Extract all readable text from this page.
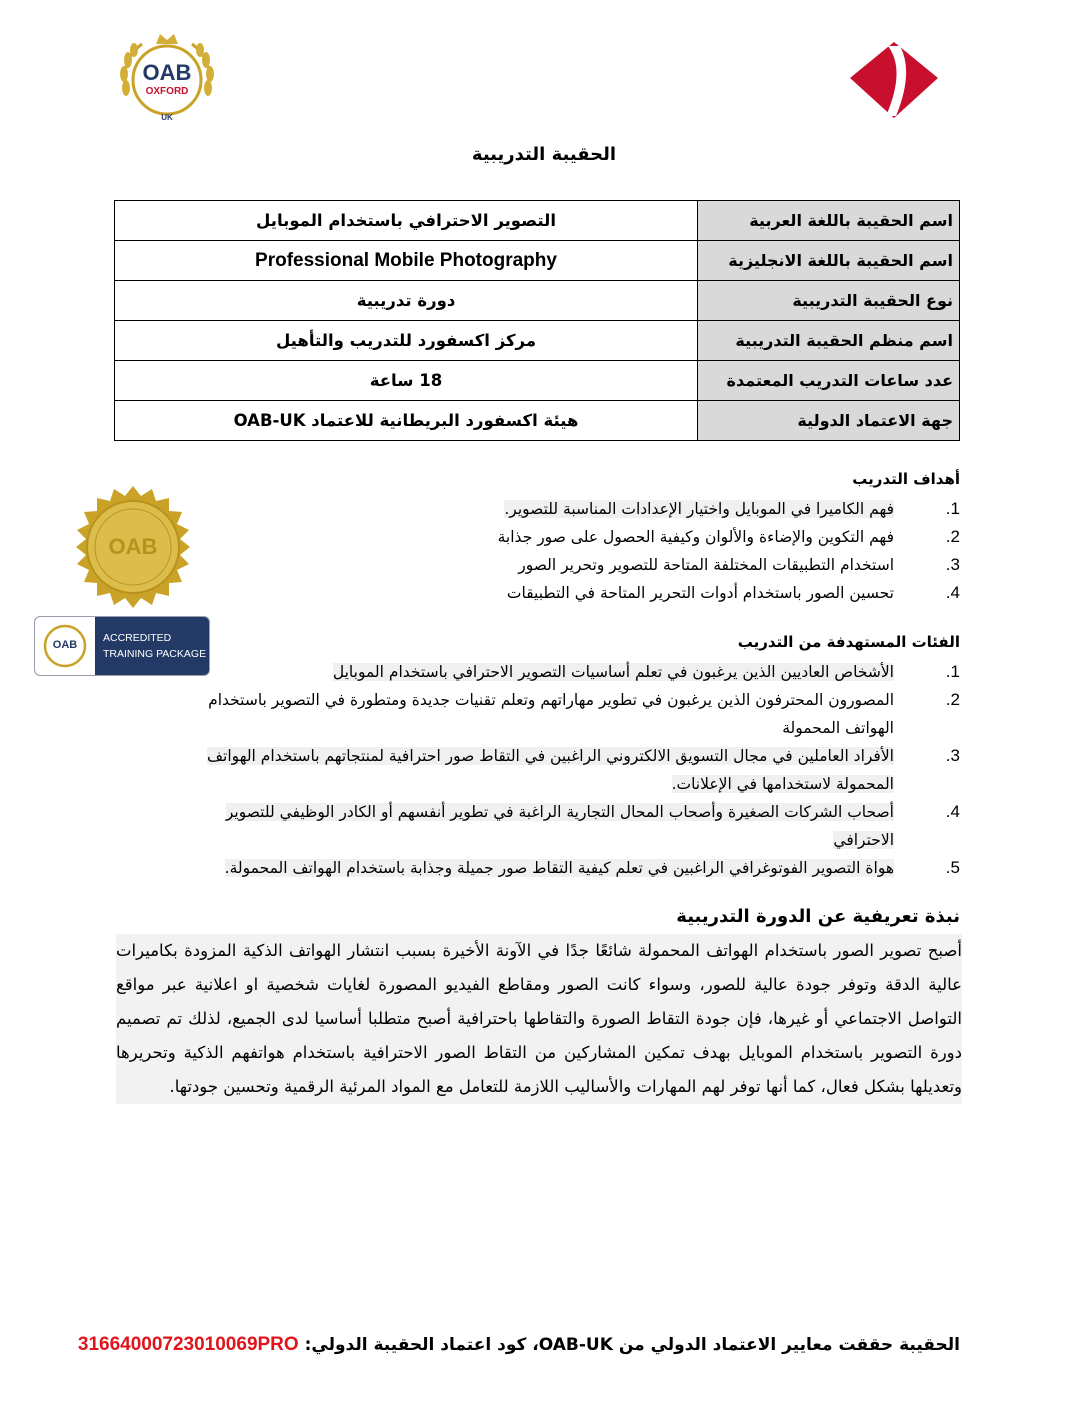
OAB
OXFORD
UK
الحقيبة التدريبية
اسم الحقيبة باللغة العربية	التصوير الاحترافي باستخدام الموبايل
اسم الحقيبة باللغة الانجليزية	Professional Mobile Photography
نوع الحقيبة التدريبية	دورة تدريبية
اسم منظم الحقيبة التدريبية	مركز اكسفورد للتدريب والتأهيل
عدد ساعات التدريب المعتمدة	18 ساعة
جهة الاعتماد الدولية	هيئة اكسفورد البريطانية للاعتماد OAB-UK
OAB
OAB
ACCREDITED
TRAINING PACKAGE
أهداف التدريب
1.
فهم الكاميرا في الموبايل واختيار الإعدادات المناسبة للتصوير.
2.
فهم التكوين والإضاءة والألوان وكيفية الحصول على صور جذابة
3.
استخدام التطبيقات المختلفة المتاحة للتصوير وتحرير الصور
4.
تحسين الصور باستخدام أدوات التحرير المتاحة في التطبيقات
الفئات المستهدفة من التدريب
1.
الأشخاص العاديين الذين يرغبون في تعلم أساسيات التصوير الاحترافي باستخدام الموبايل
2.
المصورون المحترفون الذين يرغبون في تطوير مهاراتهم وتعلم تقنيات جديدة ومتطورة في التصوير باستخدام الهواتف المحمولة
3.
الأفراد العاملين في مجال التسويق الالكتروني الراغبين في التقاط صور احترافية لمنتجاتهم باستخدام الهواتف المحمولة لاستخدامها في الإعلانات.
4.
أصحاب الشركات الصغيرة وأصحاب المحال التجارية الراغبة في تطوير أنفسهم أو الكادر الوظيفي للتصوير الاحترافي
5.
هواة التصوير الفوتوغرافي الراغبين في تعلم كيفية التقاط صور جميلة وجذابة باستخدام الهواتف المحمولة.
نبذة تعريفية عن الدورة التدريبية
أصبح تصوير الصور باستخدام الهواتف المحمولة شائعًا جدًا في الآونة الأخيرة بسبب انتشار الهواتف الذكية المزودة بكاميرات عالية الدقة وتوفر جودة عالية للصور، وسواء كانت الصور ومقاطع الفيديو المصورة لغايات شخصية او اعلانية عبر مواقع التواصل الاجتماعي أو غيرها، فإن جودة التقاط الصورة والتقاطها باحترافية أصبح متطلبا أساسيا لدى الجميع، لذلك تم تصميم دورة التصوير باستخدام الموبايل بهدف تمكين المشاركين من التقاط الصور الاحترافية باستخدام هواتفهم الذكية وتحريرها وتعديلها بشكل فعال، كما أنها توفر لهم المهارات والأساليب اللازمة للتعامل مع المواد المرئية الرقمية وتحسين جودتها.
الحقيبة حققت معايير الاعتماد الدولي من OAB-UK، كود اعتماد الحقيبة الدولي: 3166400072301006​9PRO
